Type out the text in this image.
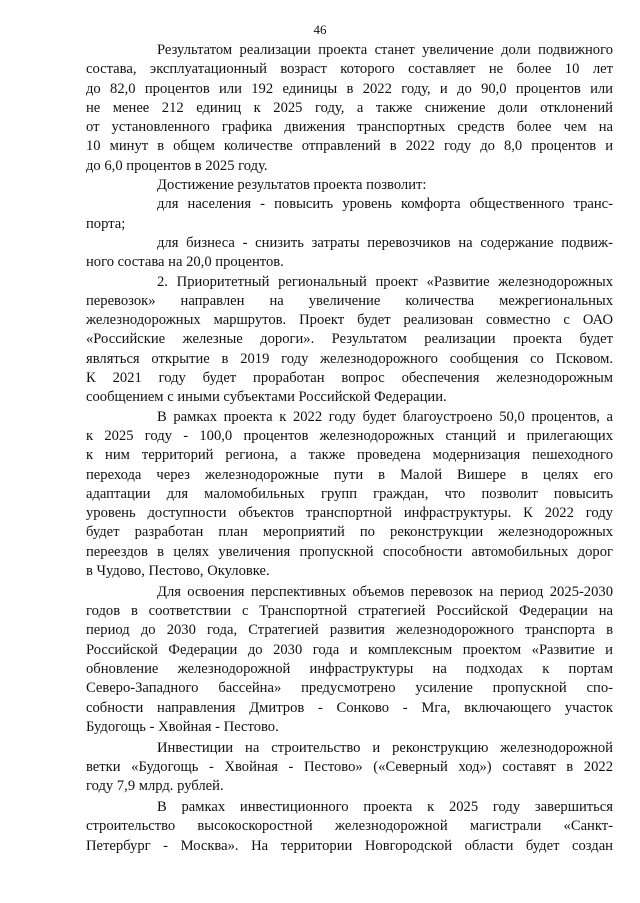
46
Результатом реализации проекта станет увеличение доли подвижного
состава, эксплуатационный возраст которого составляет не более 10 лет
до 82,0 процентов или 192 единицы в 2022 году, и до 90,0 процентов или
не менее 212 единиц к 2025 году, а также снижение доли отклонений
от установленного графика движения транспортных средств более чем на
10 минут в общем количестве отправлений в 2022 году до 8,0 процентов и
до 6,0 процентов в 2025 году.
Достижение результатов проекта позволит:
для населения - повысить уровень комфорта общественного транс-
порта;
для бизнеса - снизить затраты перевозчиков на содержание подвиж-
ного состава на 20,0 процентов.
2. Приоритетный региональный проект «Развитие железнодорожных
перевозок» направлен на увеличение количества межрегиональных
железнодорожных маршрутов. Проект будет реализован совместно с ОАО
«Российские железные дороги». Результатом реализации проекта будет
являться открытие в 2019 году железнодорожного сообщения со Псковом.
К 2021 году будет проработан вопрос обеспечения железнодорожным
сообщением с иными субъектами Российской Федерации.
В рамках проекта к 2022 году будет благоустроено 50,0 процентов, а
к 2025 году - 100,0 процентов железнодорожных станций и прилегающих
к ним территорий региона, а также проведена модернизация пешеходного
перехода через железнодорожные пути в Малой Вишере в целях его
адаптации для маломобильных групп граждан, что позволит повысить
уровень доступности объектов транспортной инфраструктуры. К 2022 году
будет разработан план мероприятий по реконструкции железнодорожных
переездов в целях увеличения пропускной способности автомобильных дорог
в Чудово, Пестово, Окуловке.
Для освоения перспективных объемов перевозок на период 2025-2030
годов в соответствии с Транспортной стратегией Российской Федерации на
период до 2030 года, Стратегией развития железнодорожного транспорта в
Российской Федерации до 2030 года и комплексным проектом «Развитие и
обновление железнодорожной инфраструктуры на подходах к портам
Северо-Западного бассейна» предусмотрено усиление пропускной спо-
собности направления Дмитров - Сонково - Мга, включающего участок
Будогощь - Хвойная - Пестово.
Инвестиции на строительство и реконструкцию железнодорожной
ветки «Будогощь - Хвойная - Пестово» («Северный ход») составят в 2022
году 7,9 млрд. рублей.
В рамках инвестиционного проекта к 2025 году завершиться
строительство высокоскоростной железнодорожной магистрали «Санкт-
Петербург - Москва». На территории Новгородской области будет создан
